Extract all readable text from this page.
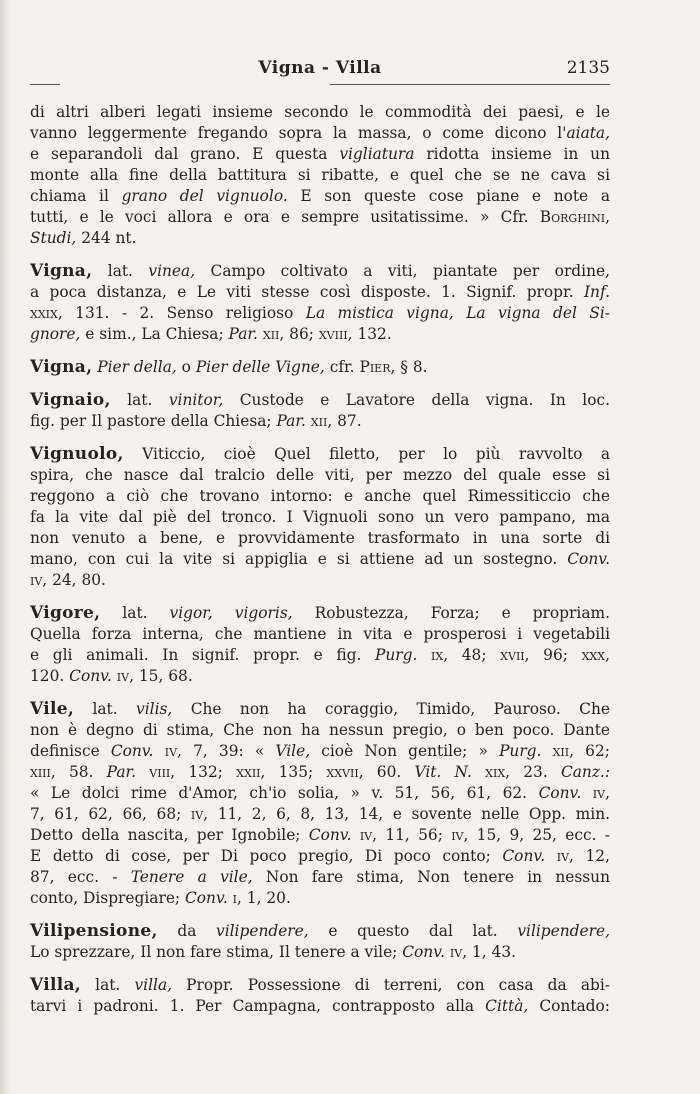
Vigna - Villa	2135
di altri alberi legati insieme secondo le commodità dei paesi, e le
vanno leggermente fregando sopra la massa, o come dicono l'aiata,
e separandoli dal grano. E questa vigliatura ridotta insieme in un
monte alla fine della battitura si ribatte, e quel che se ne cava si
chiama il grano del vignuolo. E son queste cose piane e note a
tutti, e le voci allora e ora e sempre usitatissime. » Cfr. Borghini,
Studi, 244 nt.
Vigna, lat. vinea, Campo coltivato a viti, piantate per ordine,
a poca distanza, e Le viti stesse così disposte. 1. Signif. propr. Inf.
xxix, 131. - 2. Senso religioso La mistica vigna, La vigna del Si-
gnore, e sim., La Chiesa; Par. xii, 86; xviii, 132.
Vigna, Pier della, o Pier delle Vigne, cfr. Pier, § 8.
Vignaio, lat. vinitor, Custode e Lavatore della vigna. In loc.
fig. per Il pastore della Chiesa; Par. xii, 87.
Vignuolo, Viticcio, cioè Quel filetto, per lo più ravvolto a
spira, che nasce dal tralcio delle viti, per mezzo del quale esse si
reggono a ciò che trovano intorno: e anche quel Rimessiticcio che
fa la vite dal piè del tronco. I Vignuoli sono un vero pampano, ma
non venuto a bene, e provvidamente trasformato in una sorte di
mano, con cui la vite si appiglia e si attiene ad un sostegno. Conv.
iv, 24, 80.
Vigore, lat. vigor, vigoris, Robustezza, Forza; e propriam.
Quella forza interna, che mantiene in vita e prosperosi i vegetabili
e gli animali. In signif. propr. e fig. Purg. ix, 48; xvii, 96; xxx,
120. Conv. iv, 15, 68.
Vile, lat. vilis, Che non ha coraggio, Timido, Pauroso. Che
non è degno di stima, Che non ha nessun pregio, o ben poco. Dante
definisce Conv. iv, 7, 39: « Vile, cioè Non gentile; » Purg. xii, 62;
xiii, 58. Par. viii, 132; xxii, 135; xxvii, 60. Vit. N. xix, 23. Canz.:
« Le dolci rime d'Amor, ch'io solia, » v. 51, 56, 61, 62. Conv. iv,
7, 61, 62, 66, 68; iv, 11, 2, 6, 8, 13, 14, e sovente nelle Opp. min.
Detto della nascita, per Ignobile; Conv. iv, 11, 56; iv, 15, 9, 25, ecc. -
E detto di cose, per Di poco pregio, Di poco conto; Conv. iv, 12,
87, ecc. - Tenere a vile, Non fare stima, Non tenere in nessun
conto, Dispregiare; Conv. i, 1, 20.
Vilipensione, da vilipendere, e questo dal lat. vilipendere,
Lo sprezzare, Il non fare stima, Il tenere a vile; Conv. iv, 1, 43.
Villa, lat. villa, Propr. Possessione di terreni, con casa da abi-
tarvi i padroni. 1. Per Campagna, contrapposto alla Città, Contado:
